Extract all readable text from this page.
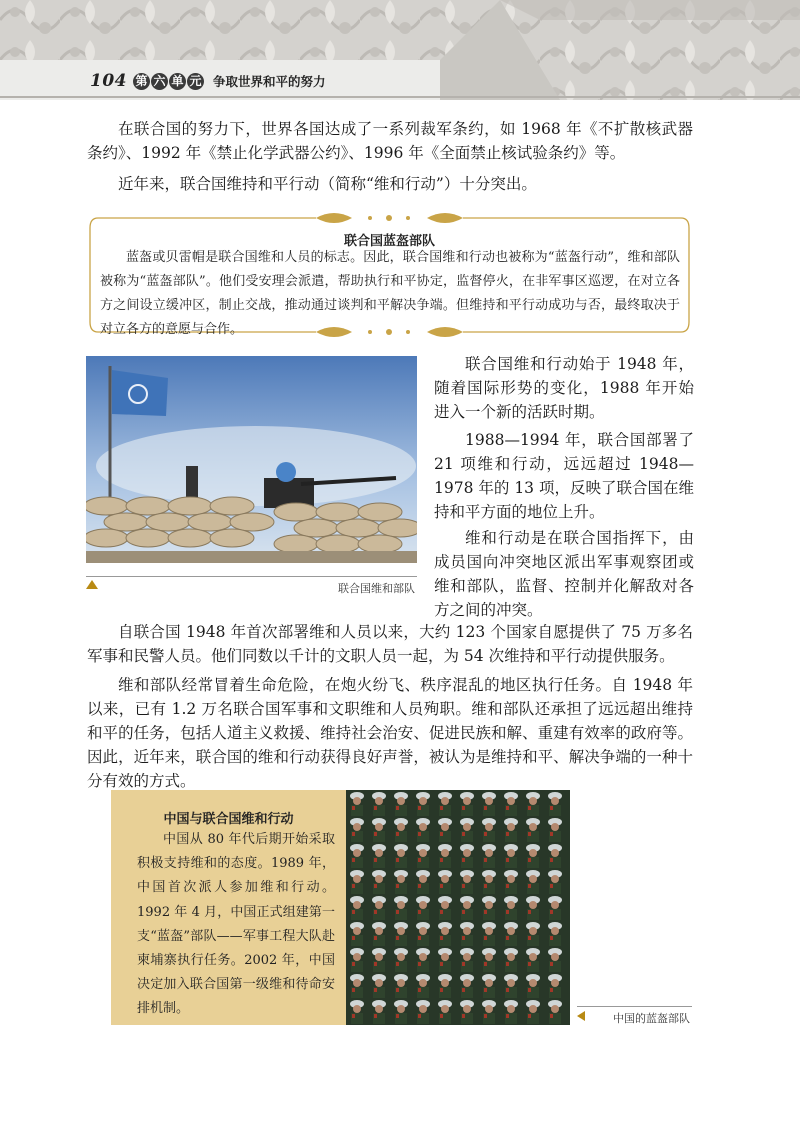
104 第 六 单 元 争取世界和平的努力

在联合国的努力下，世界各国达成了一系列裁军条约，如 1968 年《不扩散核武器条约》、1992 年《禁止化学武器公约》、1996 年《全面禁止核试验条约》等。

近年来，联合国维持和平行动（简称“维和行动”）十分突出。

联合国蓝盔部队

蓝盔或贝雷帽是联合国维和人员的标志。因此，联合国维和行动也被称为“蓝盔行动”，维和部队被称为“蓝盔部队”。他们受安理会派遣，帮助执行和平协定，监督停火，在非军事区巡逻，在对立各方之间设立缓冲区，制止交战，推动通过谈判和平解决争端。但维持和平行动成功与否，最终取决于对立各方的意愿与合作。

联合国维和部队

联合国维和行动始于 1948 年，随着国际形势的变化，1988 年开始进入一个新的活跃时期。

1988—1994 年，联合国部署了 21 项维和行动，远远超过 1948—1978 年的 13 项，反映了联合国在维持和平方面的地位上升。

维和行动是在联合国指挥下，由成员国向冲突地区派出军事观察团或维和部队，监督、控制并化解敌对各方之间的冲突。

自联合国 1948 年首次部署维和人员以来，大约 123 个国家自愿提供了 75 万多名军事和民警人员。他们同数以千计的文职人员一起，为 54 次维持和平行动提供服务。

维和部队经常冒着生命危险，在炮火纷飞、秩序混乱的地区执行任务。自 1948 年以来，已有 1.2 万名联合国军事和文职维和人员殉职。维和部队还承担了远远超出维持和平的任务，包括人道主义救援、维持社会治安、促进民族和解、重建有效率的政府等。因此，近年来，联合国的维和行动获得良好声誉，被认为是维持和平、解决争端的一种十分有效的方式。

中国与联合国维和行动

中国从 80 年代后期开始采取积极支持维和的态度。1989 年，中国首次派人参加维和行动。1992 年 4 月，中国正式组建第一支“蓝盔”部队——军事工程大队赴柬埔寨执行任务。2002 年，中国决定加入联合国第一级维和待命安排机制。

中国的蓝盔部队
